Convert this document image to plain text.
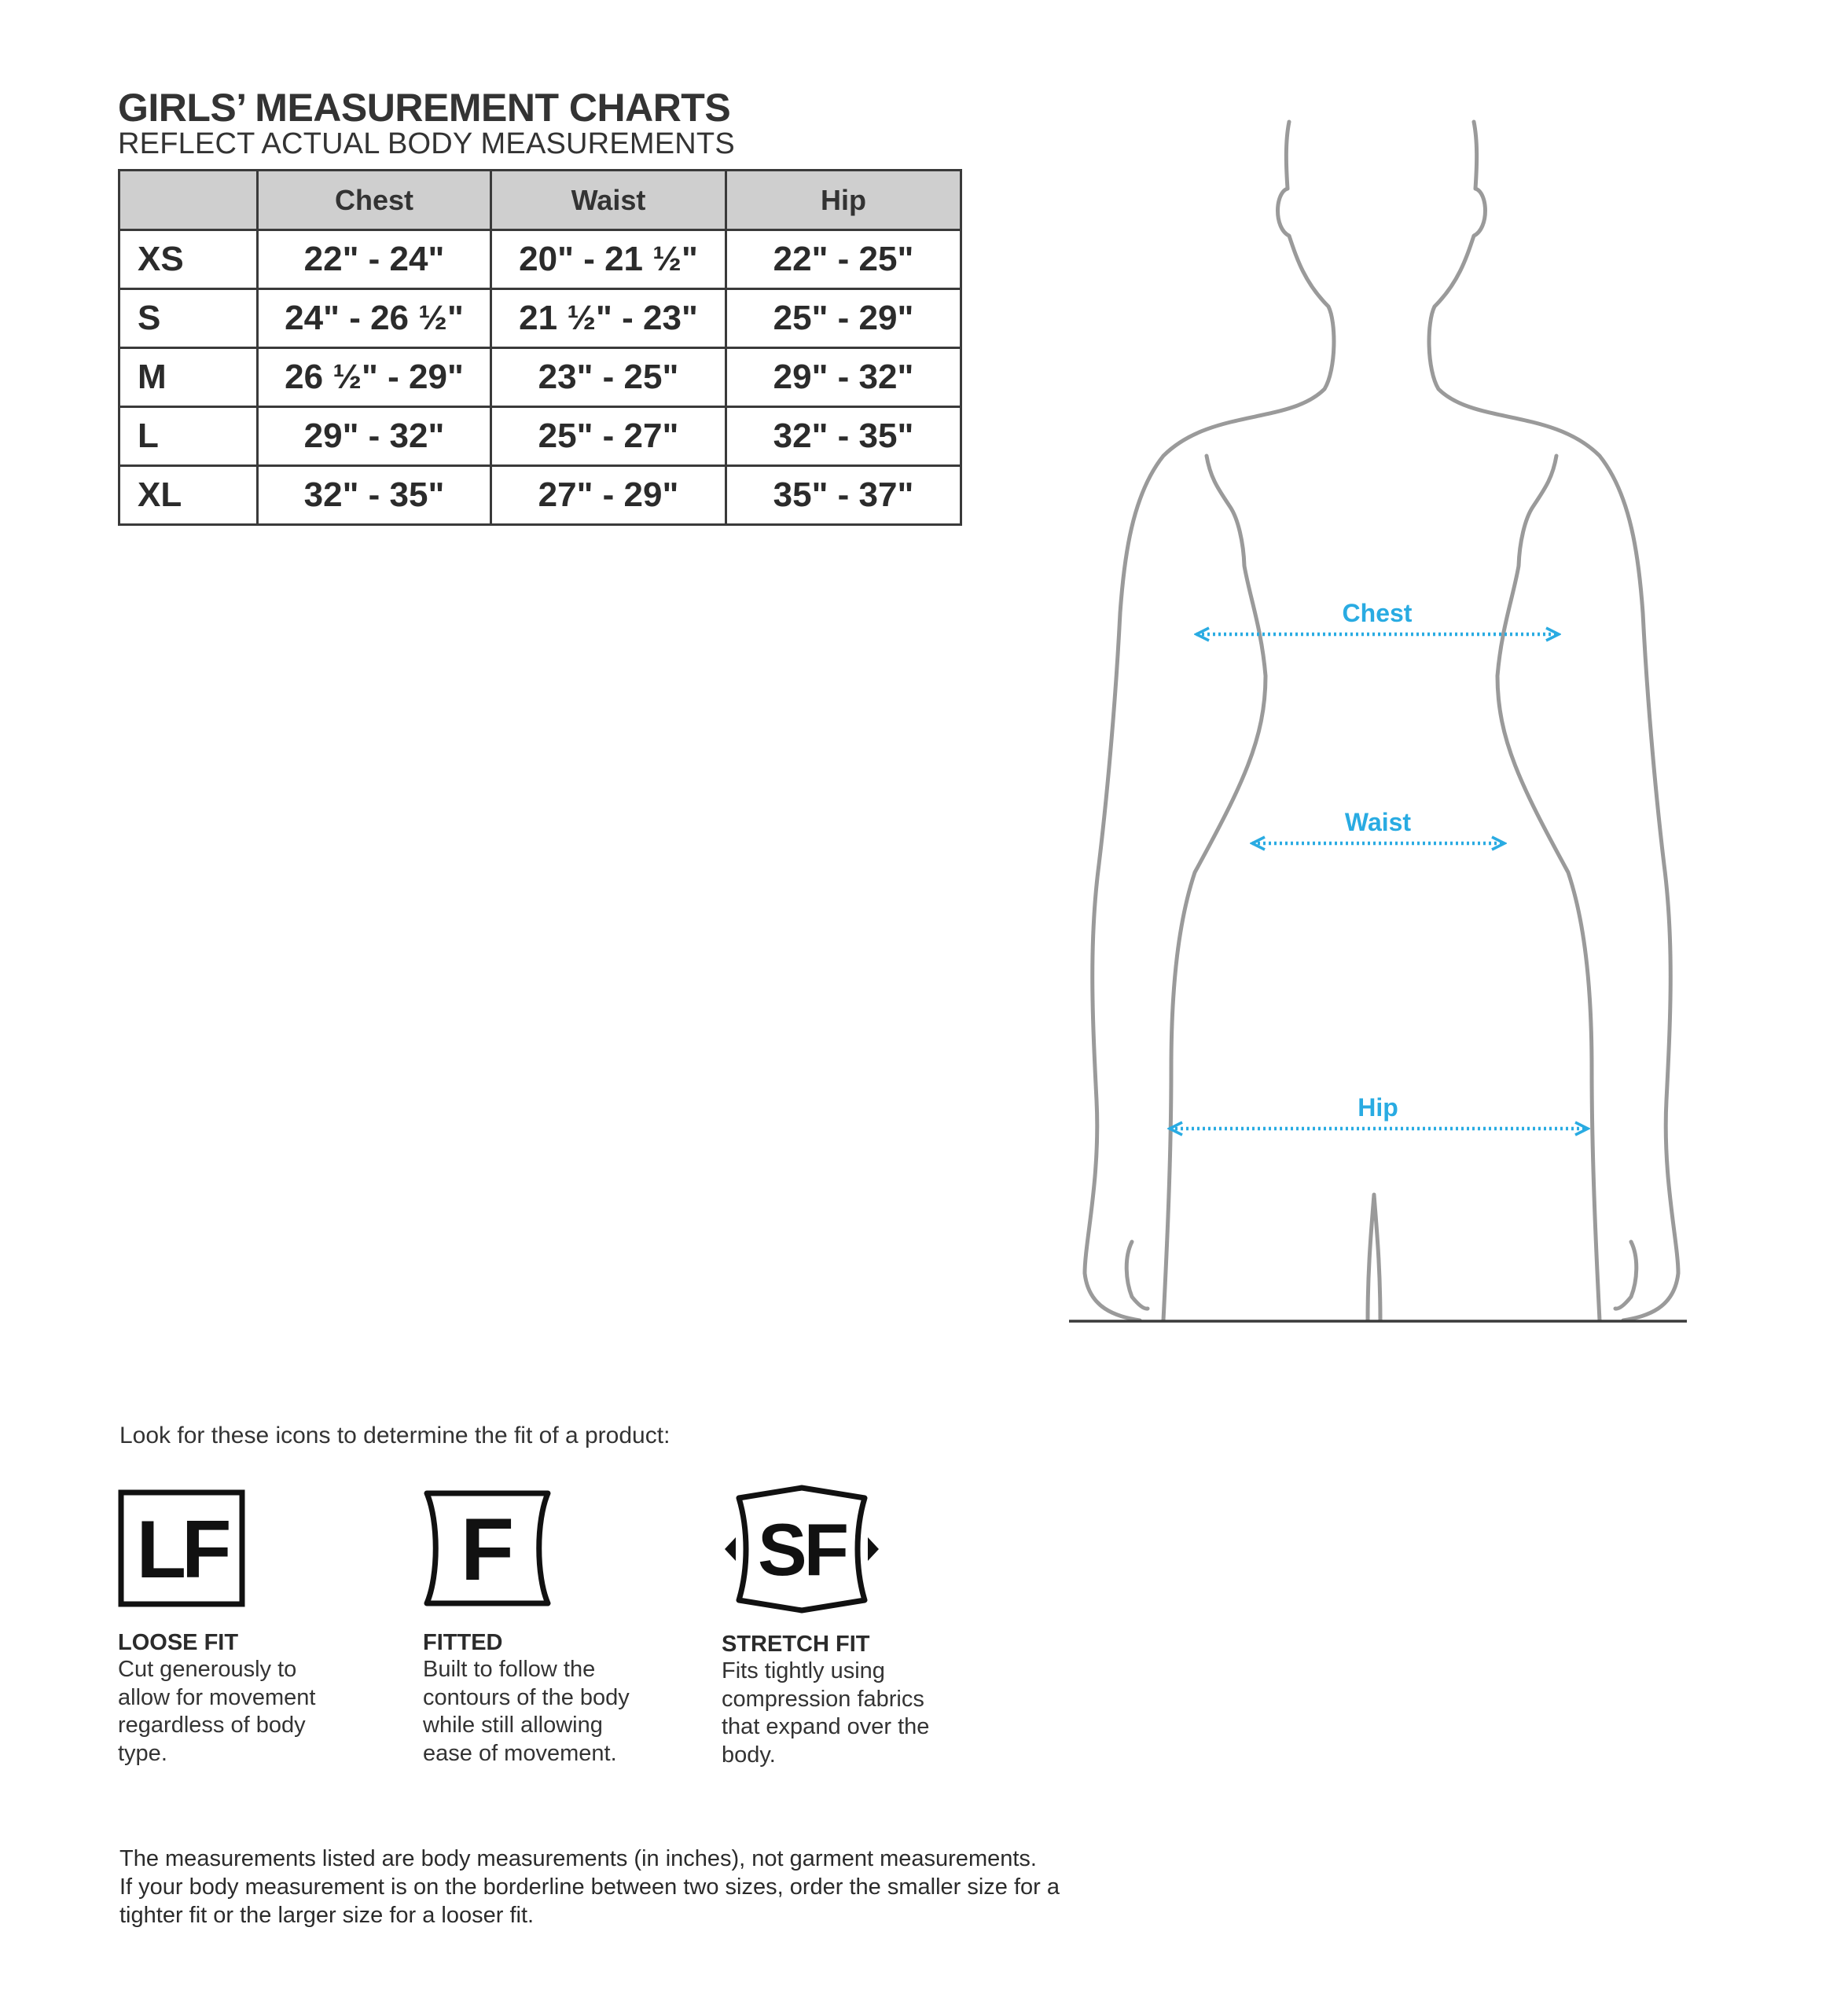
GIRLS’ MEASUREMENT CHARTS
REFLECT ACTUAL BODY MEASUREMENTS
	Chest	Waist	Hip
XS	22" - 24"	20" - 21 ½"	22" - 25"
S	24" - 26 ½"	21 ½" - 23"	25" - 29"
M	26 ½" - 29"	23" - 25"	29" - 32"
L	29" - 32"	25" - 27"	32" - 35"
XL	32" - 35"	27" - 29"	35" - 37"
Chest
Waist
Hip
Look for these icons to determine the fit of a product:
LF
LOOSE FIT
Cut generously to
allow for movement
regardless of body
type.
F
FITTED
Built to follow the
contours of the body
while still allowing
ease of movement.
SF
STRETCH FIT
Fits tightly using
compression fabrics
that expand over the
body.
The measurements listed are body measurements (in inches), not garment measurements.
If your body measurement is on the borderline between two sizes, order the smaller size for a
tighter fit or the larger size for a looser fit.
